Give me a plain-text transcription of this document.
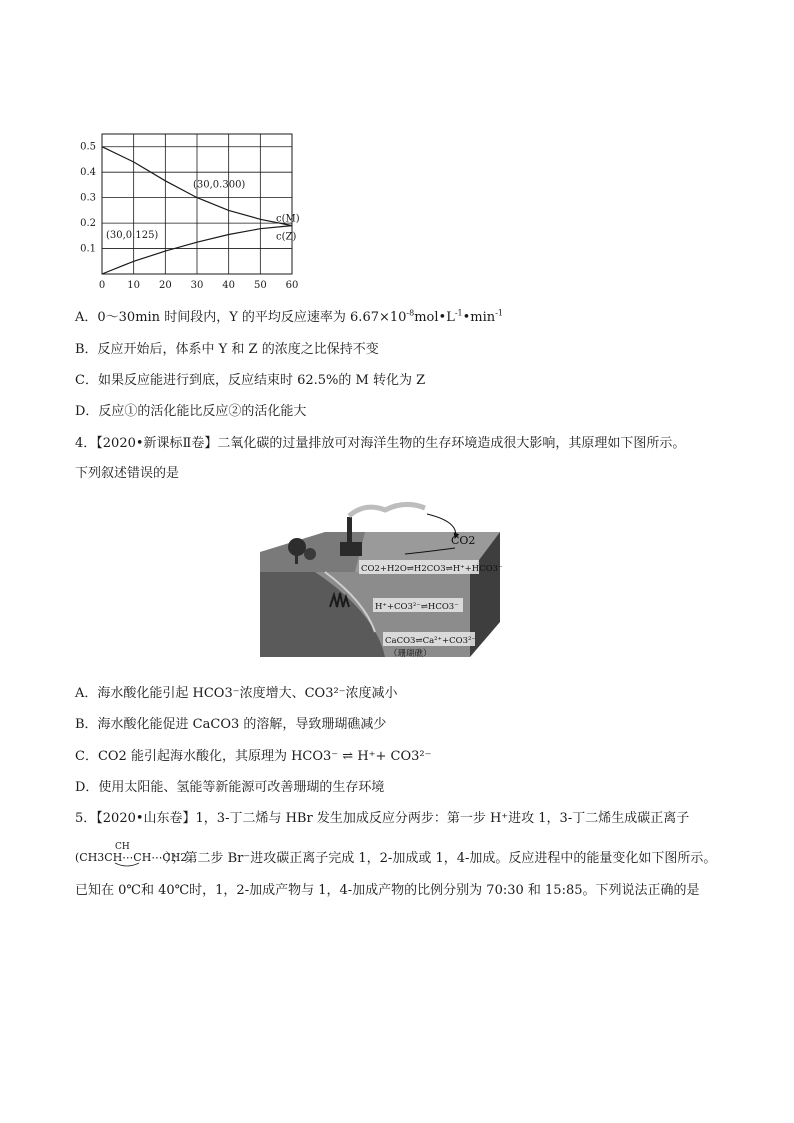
0 10 20 30 40 50 60
0.1
0.2
0.3
0.4
0.5
c(M)
c(Z)
(30,0.300)
(30,0.125)
A．0～30min 时间段内，Y 的平均反应速率为 $6.67\times 10^{-8}mol•L^{-1}•\min^{-1}$
B．反应开始后，体系中 Y 和 Z 的浓度之比保持不变
C．如果反应能进行到底，反应结束时 62.5%的 M 转化为 Z
D．反应①的活化能比反应②的活化能大
4．【2020•新课标Ⅱ卷】二氧化碳的过量排放可对海洋生物的生存环境造成很大影响，其原理如下图所示。
下列叙述错误的是
CO2
CO2+H2O⇌H2CO3⇌H⁺+HCO3⁻
H⁺+CO3²⁻⇌HCO3⁻
CaCO3⇌Ca²⁺+CO3²⁻
（珊瑚礁）
A．海水酸化能引起 HCO3⁻浓度增大、CO3²⁻浓度减小
B．海水酸化能促进 CaCO3 的溶解，导致珊瑚礁减少
C．CO2 能引起海水酸化，其原理为 HCO3⁻ ⇌ H⁺+ CO3²⁻
D．使用太阳能、氢能等新能源可改善珊瑚的生存环境
5．【2020•山东卷】1，3-丁二烯与 HBr 发生加成反应分两步：第一步 H⁺进攻 1，3-丁二烯生成碳正离子
(CH3CH⋯CH⋯CH2
CH
）；第二步 Br⁻进攻碳正离子完成 1，2-加成或 1，4-加成。反应进程中的能量变化如下图所示。
已知在 0℃和 40℃时，1，2-加成产物与 1，4-加成产物的比例分别为 70:30 和 15:85。下列说法正确的是
